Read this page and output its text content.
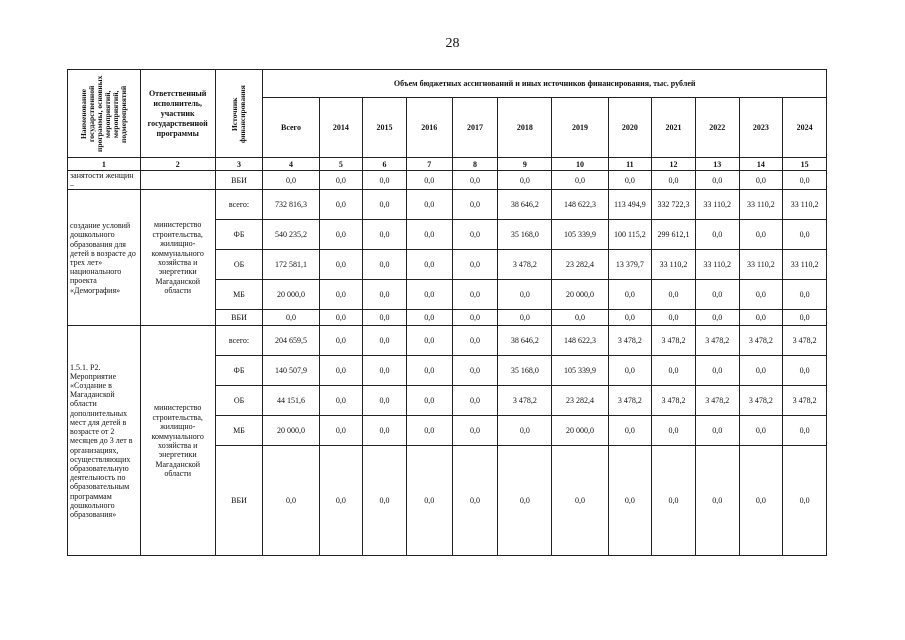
28
Наименование государственной программы, основных мероприятий, мероприятий, подмероприятий	Ответственный исполнитель, участник государственной программы	Источник финансирования	Объем бюджетных ассигнований и иных источников финансирования, тыс. рублей											
			Всего	2014	2015	2016	2017	2018	2019	2020	2021	2022	2023	2024
1	2	3	4	5	6	7	8	9	10	11	12	13	14	15
занятости женщин –		ВБИ	0,0	0,0	0,0	0,0	0,0	0,0	0,0	0,0	0,0	0,0	0,0	0,0
создание условий дошкольного образования для детей в возрасте до трех лет» национального проекта «Демография»	министерство строительства, жилищно-коммунального хозяйства и энергетики Магаданской области	всего:	732 816,3	0,0	0,0	0,0	0,0	38 646,2	148 622,3	113 494,9	332 722,3	33 110,2	33 110,2	33 110,2
		ФБ	540 235,2	0,0	0,0	0,0	0,0	35 168,0	105 339,9	100 115,2	299 612,1	0,0	0,0	0,0
		ОБ	172 581,1	0,0	0,0	0,0	0,0	3 478,2	23 282,4	13 379,7	33 110,2	33 110,2	33 110,2	33 110,2
		МБ	20 000,0	0,0	0,0	0,0	0,0	0,0	20 000,0	0,0	0,0	0,0	0,0	0,0
		ВБИ	0,0	0,0	0,0	0,0	0,0	0,0	0,0	0,0	0,0	0,0	0,0	0,0
1.5.1. P2. Мероприятие «Создание в Магаданской области дополнительных мест для детей в возрасте от 2 месяцев до 3 лет в организациях, осуществляющих образовательную деятельность по образовательным программам дошкольного образования»	министерство строительства, жилищно-коммунального хозяйства и энергетики Магаданской области	всего:	204 659,5	0,0	0,0	0,0	0,0	38 646,2	148 622,3	3 478,2	3 478,2	3 478,2	3 478,2	3 478,2
		ФБ	140 507,9	0,0	0,0	0,0	0,0	35 168,0	105 339,9	0,0	0,0	0,0	0,0	0,0
		ОБ	44 151,6	0,0	0,0	0,0	0,0	3 478,2	23 282,4	3 478,2	3 478,2	3 478,2	3 478,2	3 478,2
		МБ	20 000,0	0,0	0,0	0,0	0,0	0,0	20 000,0	0,0	0,0	0,0	0,0	0,0
		ВБИ	0,0	0,0	0,0	0,0	0,0	0,0	0,0	0,0	0,0	0,0	0,0	0,0
